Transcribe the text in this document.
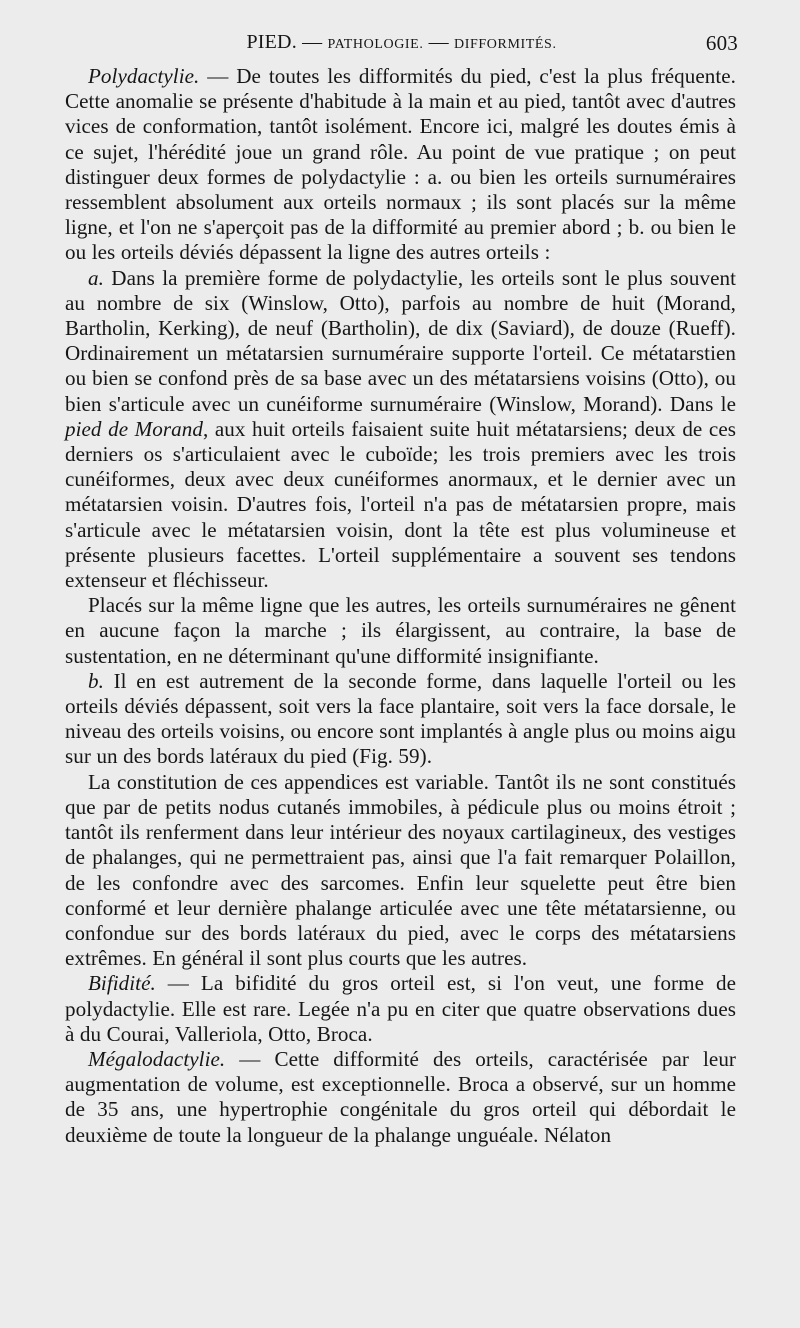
PIED. — PATHOLOGIE. — DIFFORMITÉS.	603

Polydactylie. — De toutes les difformités du pied, c'est la plus fréquente. Cette anomalie se présente d'habitude à la main et au pied, tantôt avec d'autres vices de conformation, tantôt isolément. Encore ici, malgré les doutes émis à ce sujet, l'hérédité joue un grand rôle. Au point de vue pratique ; on peut distinguer deux formes de polydactylie : a. ou bien les orteils surnuméraires ressemblent absolument aux orteils normaux ; ils sont placés sur la même ligne, et l'on ne s'aperçoit pas de la difformité au premier abord ; b. ou bien le ou les orteils déviés dépassent la ligne des autres orteils :

a. Dans la première forme de polydactylie, les orteils sont le plus souvent au nombre de six (Winslow, Otto), parfois au nombre de huit (Morand, Bartholin, Kerking), de neuf (Bartholin), de dix (Saviard), de douze (Rueff). Ordinairement un métatarsien surnuméraire supporte l'orteil. Ce métatarstien ou bien se confond près de sa base avec un des métatarsiens voisins (Otto), ou bien s'articule avec un cunéiforme surnuméraire (Winslow, Morand). Dans le pied de Morand, aux huit orteils faisaient suite huit métatarsiens; deux de ces derniers os s'articulaient avec le cuboïde; les trois premiers avec les trois cunéiformes, deux avec deux cunéiformes anormaux, et le dernier avec un métatarsien voisin. D'autres fois, l'orteil n'a pas de métatarsien propre, mais s'articule avec le métatarsien voisin, dont la tête est plus volumineuse et présente plusieurs facettes. L'orteil supplémentaire a souvent ses tendons extenseur et fléchisseur.

Placés sur la même ligne que les autres, les orteils surnuméraires ne gênent en aucune façon la marche ; ils élargissent, au contraire, la base de sustentation, en ne déterminant qu'une difformité insignifiante.

b. Il en est autrement de la seconde forme, dans laquelle l'orteil ou les orteils déviés dépassent, soit vers la face plantaire, soit vers la face dorsale, le niveau des orteils voisins, ou encore sont implantés à angle plus ou moins aigu sur un des bords latéraux du pied (Fig. 59).

La constitution de ces appendices est variable. Tantôt ils ne sont constitués que par de petits nodus cutanés immobiles, à pédicule plus ou moins étroit ; tantôt ils renferment dans leur intérieur des noyaux cartilagineux, des vestiges de phalanges, qui ne permettraient pas, ainsi que l'a fait remarquer Polaillon, de les confondre avec des sarcomes. Enfin leur squelette peut être bien conformé et leur dernière phalange articulée avec une tête métatarsienne, ou confondue sur des bords latéraux du pied, avec le corps des métatarsiens extrêmes. En général il sont plus courts que les autres.

Bifidité. — La bifidité du gros orteil est, si l'on veut, une forme de polydactylie. Elle est rare. Legée n'a pu en citer que quatre observations dues à du Courai, Valleriola, Otto, Broca.

Mégalodactylie. — Cette difformité des orteils, caractérisée par leur augmentation de volume, est exceptionnelle. Broca a observé, sur un homme de 35 ans, une hypertrophie congénitale du gros orteil qui débordait le deuxième de toute la longueur de la phalange unguéale. Nélaton
